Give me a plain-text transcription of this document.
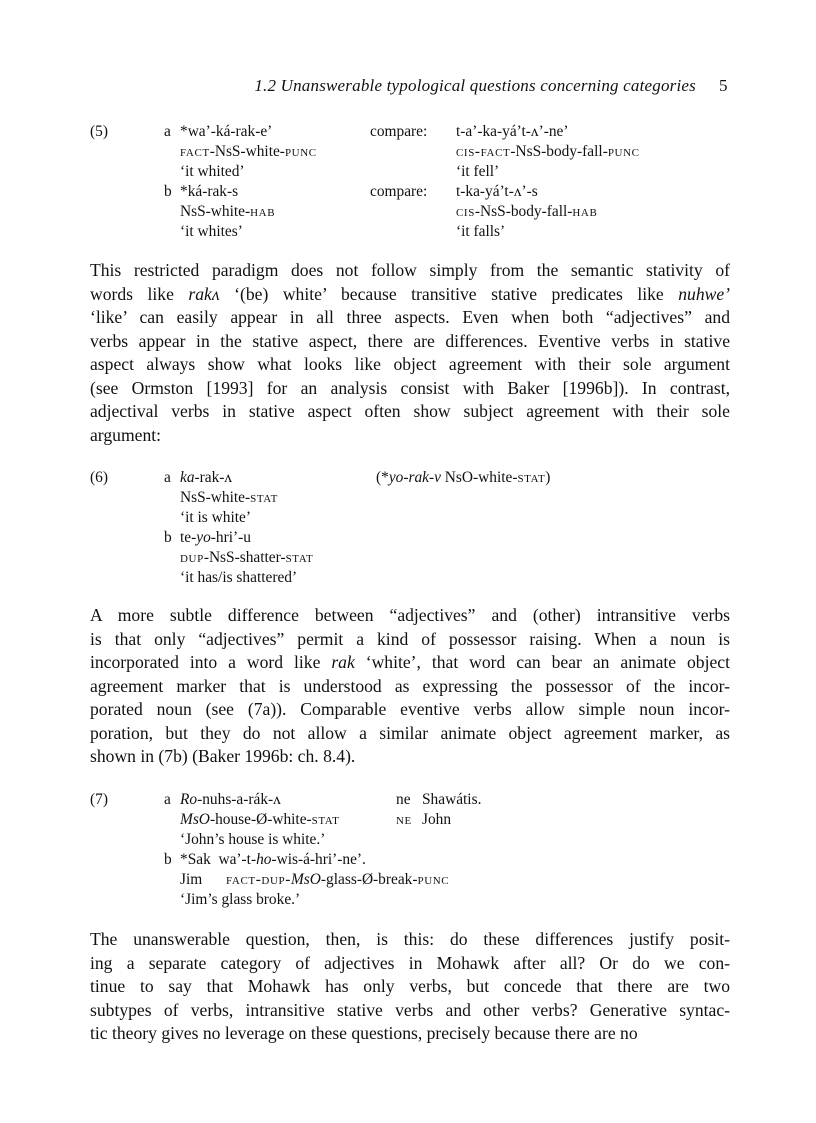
1.2 Unanswerable typological questions concerning categories 5
(5)	a *wa’-ká-rak-e’	compare: t-a’-ka-yá’t-ʌ’-ne’
fact-NsS-white-punc	cis-fact-NsS-body-fall-punc
‘it whited’	‘it fell’
b *ká-rak-s	compare: t-ka-yá’t-ʌ’-s
NsS-white-hab	cis-NsS-body-fall-hab
‘it whites’	‘it falls’
This restricted paradigm does not follow simply from the semantic stativity of
words like rakʌ ‘(be) white’ because transitive stative predicates like nuhwe’
‘like’ can easily appear in all three aspects. Even when both “adjectives” and
verbs appear in the stative aspect, there are differences. Eventive verbs in stative
aspect always show what looks like object agreement with their sole argument
(see Ormston [1993] for an analysis consist with Baker [1996b]). In contrast,
adjectival verbs in stative aspect often show subject agreement with their sole
argument:
(6)	a ka-rak-ʌ	(*yo-rak-v NsO-white-stat)
NsS-white-stat
‘it is white’
b te-yo-hri’-u
dup-NsS-shatter-stat
‘it has/is shattered’
A more subtle difference between “adjectives” and (other) intransitive verbs
is that only “adjectives” permit a kind of possessor raising. When a noun is
incorporated into a word like rak ‘white’, that word can bear an animate object
agreement marker that is understood as expressing the possessor of the incor-
porated noun (see (7a)). Comparable eventive verbs allow simple noun incor-
poration, but they do not allow a similar animate object agreement marker, as
shown in (7b) (Baker 1996b: ch. 8.4).
(7)	a Ro-nuhs-a-rák-ʌ	ne Shawátis.
MsO-house-Ø-white-stat	ne John
‘John’s house is white.’
b *Sak  wa’-t-ho-wis-á-hri’-ne’.
Jim fact-dup-MsO-glass-Ø-break-punc
‘Jim’s glass broke.’
The unanswerable question, then, is this: do these differences justify posit-
ing a separate category of adjectives in Mohawk after all? Or do we con-
tinue to say that Mohawk has only verbs, but concede that there are two
subtypes of verbs, intransitive stative verbs and other verbs? Generative syntac-
tic theory gives no leverage on these questions, precisely because there are no
